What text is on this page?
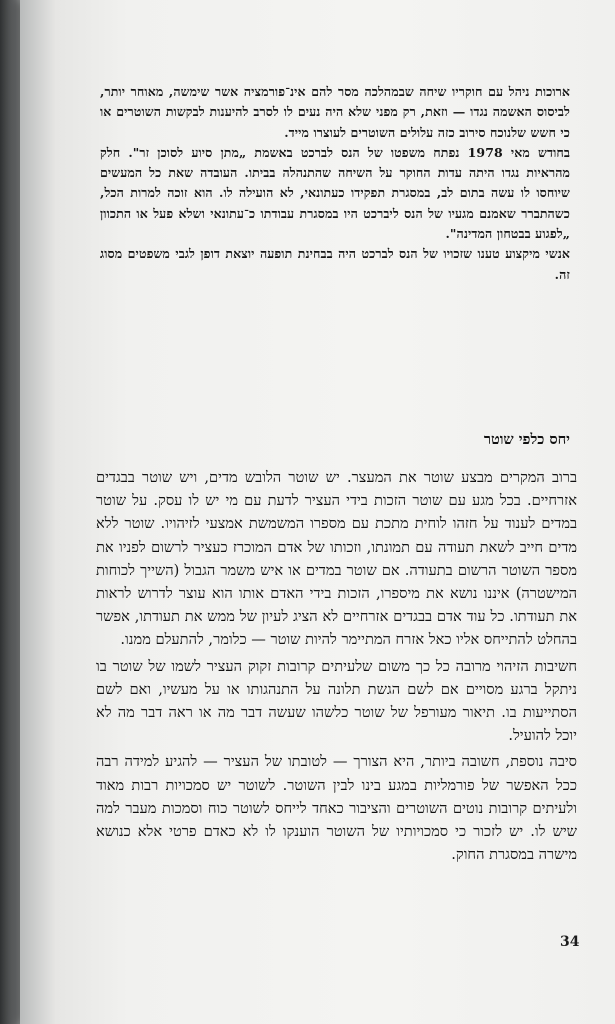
ארוכות ניהל עם חוקריו שיחה שבמהלכה מסר להם אינ־פורמציה אשר שימשה, מאוחר יותר, לביסוס האשמה נגדו — וזאת, רק מפני שלא היה נעים לו לסרב להיענות לבקשות השוטרים או כי חשש שלנוכח סירוב כזה עלולים השוטרים לעוצרו מייד.

בחודש מאי 1978 נפתח משפטו של הנס לברכט באשמת „מתן סיוע לסוכן זר". חלק מהראיות נגדו היתה עדות החוקר על השיחה שהתנהלה בביתו. העובדה שאת כל המעשים שיוחסו לו עשה בתום לב, במסגרת תפקידו כעתונאי, לא הועילה לו. הוא זוכה למרות הכל, כשהתברר שאמנם מגעיו של הנס ליברכט היו במסגרת עבודתו כ־עתונאי ושלא פעל או התכוון „לפגוע בבטחון המדינה".

אנשי מיקצוע טענו שזכויו של הנס לברכט היה בבחינת תופעה יוצאת דופן לגבי משפטים מסוג זה.

יחס כלפי שוטר

ברוב המקרים מבצע שוטר את המעצר. יש שוטר הלובש מדים, ויש שוטר בבגדים אזרחיים. בכל מגע עם שוטר הזכות בידי העציר לדעת עם מי יש לו עסק. על שוטר במדים לענוד על חזהו לוחית מתכת עם מספרו המשמשת אמצעי לזיהויו. שוטר ללא מדים חייב לשאת תעודה עם תמונתו, וזכותו של אדם המוכרז כעציר לרשום לפניו את מספר השוטר הרשום בתעודה. אם שוטר במדים או איש משמר הגבול (השייך לכוחות המישטרה) איננו נושא את מיספרו, הזכות בידי האדם אותו הוא עוצר לדרוש לראות את תעודתו. כל עוד אדם בבגדים אזרחיים לא הציג לעיון של ממש את תעודתו, אפשר בהחלט להתייחס אליו כאל אזרח המתיימר להיות שוטר — כלומר, להתעלם ממנו.

חשיבות הזיהוי מרובה כל כך משום שלעיתים קרובות זקוק העציר לשמו של שוטר בו ניתקל ברגע מסויים אם לשם הגשת תלונה על התנהגותו או על מעשיו, ואם לשם הסתייעות בו. תיאור מעורפל של שוטר כלשהו שעשה דבר מה או ראה דבר מה לא יוכל להועיל.

סיבה נוספת, חשובה ביותר, היא הצורך — לטובתו של העציר — להגיע למידה רבה ככל האפשר של פורמליות במגע בינו לבין השוטר. לשוטר יש סמכויות רבות מאוד ולעיתים קרובות נוטים השוטרים והציבור כאחד לייחס לשוטר כוח וסמכות מעבר למה שיש לו. יש לזכור כי סמכויותיו של השוטר הוענקו לו לא כאדם פרטי אלא כנושא מישרה במסגרת החוק.

34
